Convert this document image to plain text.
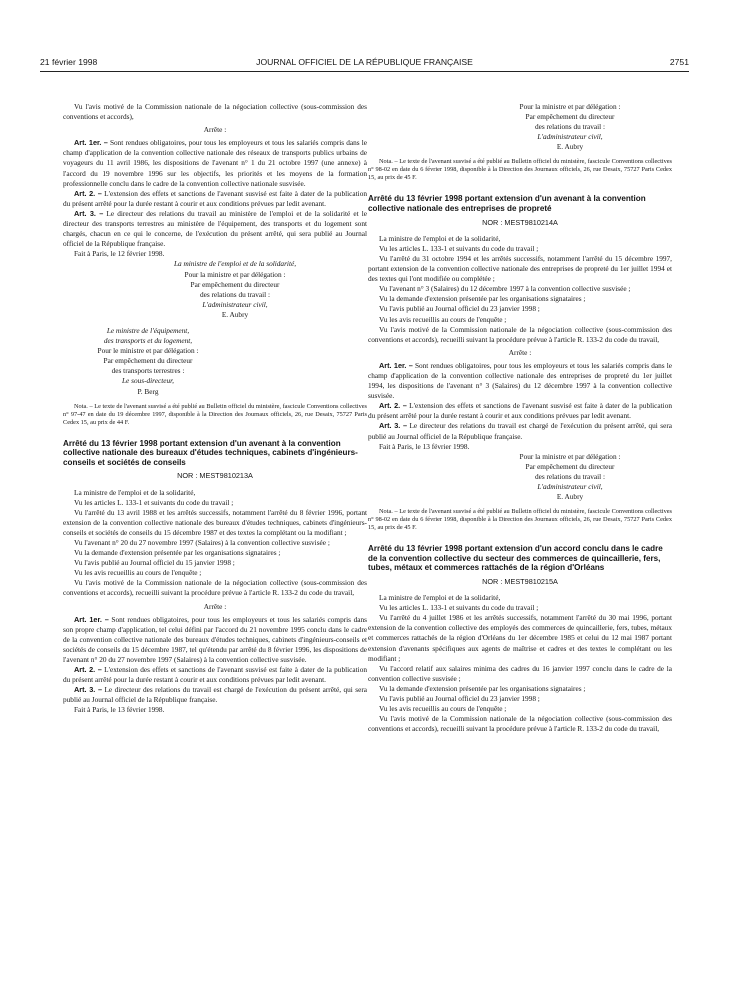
21 février 1998	JOURNAL OFFICIEL DE LA RÉPUBLIQUE FRANÇAISE	2751

Vu l'avis motivé de la Commission nationale de la négociation collective (sous-commission des conventions et accords),

Arrête :

Art. 1er. – Sont rendues obligatoires, pour tous les employeurs et tous les salariés compris dans le champ d'application de la convention collective nationale des réseaux de transports publics urbains de voyageurs du 11 avril 1986, les dispositions de l'avenant n° 1 du 21 octobre 1997 (une annexe) à l'accord du 19 novembre 1996 sur les objectifs, les priorités et les moyens de la formation professionnelle conclu dans le cadre de la convention collective nationale susvisée.

Art. 2. – L'extension des effets et sanctions de l'avenant susvisé est faite à dater de la publication du présent arrêté pour la durée restant à courir et aux conditions prévues par ledit avenant.

Art. 3. – Le directeur des relations du travail au ministère de l'emploi et de la solidarité et le directeur des transports terrestres au ministère de l'équipement, des transports et du logement sont chargés, chacun en ce qui le concerne, de l'exécution du présent arrêté, qui sera publié au Journal officiel de la République française.

Fait à Paris, le 12 février 1998.

La ministre de l'emploi et de la solidarité,

Pour la ministre et par délégation :

Par empêchement du directeur

des relations du travail :

L'administrateur civil,

E. Aubry

Le ministre de l'équipement,

des transports et du logement,

Pour le ministre et par délégation :

Par empêchement du directeur

des transports terrestres :

Le sous-directeur,

P. Berg

Nota. – Le texte de l'avenant susvisé a été publié au Bulletin officiel du ministère, fascicule Conventions collectives n° 97-47 en date du 19 décembre 1997, disponible à la Direction des Journaux officiels, 26, rue Desaix, 75727 Paris Cedex 15, au prix de 44 F.

Arrêté du 13 février 1998 portant extension d'un avenant à la convention collective nationale des bureaux d'études techniques, cabinets d'ingénieurs-conseils et sociétés de conseils

NOR : MEST9810213A

La ministre de l'emploi et de la solidarité,

Vu les articles L. 133-1 et suivants du code du travail ;

Vu l'arrêté du 13 avril 1988 et les arrêtés successifs, notamment l'arrêté du 8 février 1996, portant extension de la convention collective nationale des bureaux d'études techniques, cabinets d'ingénieurs-conseils et sociétés de conseils du 15 décembre 1987 et des textes la complétant ou la modifiant ;

Vu l'avenant n° 20 du 27 novembre 1997 (Salaires) à la convention collective susvisée ;

Vu la demande d'extension présentée par les organisations signataires ;

Vu l'avis publié au Journal officiel du 15 janvier 1998 ;

Vu les avis recueillis au cours de l'enquête ;

Vu l'avis motivé de la Commission nationale de la négociation collective (sous-commission des conventions et accords), recueilli suivant la procédure prévue à l'article R. 133-2 du code du travail,

Arrête :

Art. 1er. – Sont rendues obligatoires, pour tous les employeurs et tous les salariés compris dans son propre champ d'application, tel celui défini par l'accord du 21 novembre 1995 conclu dans le cadre de la convention collective nationale des bureaux d'études techniques, cabinets d'ingénieurs-conseils et sociétés de conseils du 15 décembre 1987, tel qu'étendu par arrêté du 8 février 1996, les dispositions de l'avenant n° 20 du 27 novembre 1997 (Salaires) à la convention collective susvisée.

Art. 2. – L'extension des effets et sanctions de l'avenant susvisé est faite à dater de la publication du présent arrêté pour la durée restant à courir et aux conditions prévues par ledit avenant.

Art. 3. – Le directeur des relations du travail est chargé de l'exécution du présent arrêté, qui sera publié au Journal officiel de la République française.

Fait à Paris, le 13 février 1998.

Pour la ministre et par délégation :

Par empêchement du directeur

des relations du travail :

L'administrateur civil,

E. Aubry

Nota. – Le texte de l'avenant susvisé a été publié au Bulletin officiel du ministère, fascicule Conventions collectives n° 98-02 en date du 6 février 1998, disponible à la Direction des Journaux officiels, 26, rue Desaix, 75727 Paris Cedex 15, au prix de 45 F.

Arrêté du 13 février 1998 portant extension d'un avenant à la convention collective nationale des entreprises de propreté

NOR : MEST9810214A

La ministre de l'emploi et de la solidarité,

Vu les articles L. 133-1 et suivants du code du travail ;

Vu l'arrêté du 31 octobre 1994 et les arrêtés successifs, notamment l'arrêté du 15 décembre 1997, portant extension de la convention collective nationale des entreprises de propreté du 1er juillet 1994 et des textes qui l'ont modifiée ou complétée ;

Vu l'avenant n° 3 (Salaires) du 12 décembre 1997 à la convention collective susvisée ;

Vu la demande d'extension présentée par les organisations signataires ;

Vu l'avis publié au Journal officiel du 23 janvier 1998 ;

Vu les avis recueillis au cours de l'enquête ;

Vu l'avis motivé de la Commission nationale de la négociation collective (sous-commission des conventions et accords), recueilli suivant la procédure prévue à l'article R. 133-2 du code du travail,

Arrête :

Art. 1er. – Sont rendues obligatoires, pour tous les employeurs et tous les salariés compris dans le champ d'application de la convention collective nationale des entreprises de propreté du 1er juillet 1994, les dispositions de l'avenant n° 3 (Salaires) du 12 décembre 1997 à la convention collective susvisée.

Art. 2. – L'extension des effets et sanctions de l'avenant susvisé est faite à dater de la publication du présent arrêté pour la durée restant à courir et aux conditions prévues par ledit avenant.

Art. 3. – Le directeur des relations du travail est chargé de l'exécution du présent arrêté, qui sera publié au Journal officiel de la République française.

Fait à Paris, le 13 février 1998.

Pour la ministre et par délégation :

Par empêchement du directeur

des relations du travail :

L'administrateur civil,

E. Aubry

Nota. – Le texte de l'avenant susvisé a été publié au Bulletin officiel du ministère, fascicule Conventions collectives n° 98-02 en date du 6 février 1998, disponible à la Direction des Journaux officiels, 26, rue Desaix, 75727 Paris Cedex 15, au prix de 45 F.

Arrêté du 13 février 1998 portant extension d'un accord conclu dans le cadre de la convention collective du secteur des commerces de quincaillerie, fers, tubes, métaux et commerces rattachés de la région d'Orléans

NOR : MEST9810215A

La ministre de l'emploi et de la solidarité,

Vu les articles L. 133-1 et suivants du code du travail ;

Vu l'arrêté du 4 juillet 1986 et les arrêtés successifs, notamment l'arrêté du 30 mai 1996, portant extension de la convention collective des employés des commerces de quincaillerie, fers, tubes, métaux et commerces rattachés de la région d'Orléans du 1er décembre 1985 et celui du 12 mai 1987 portant extension d'avenants spécifiques aux agents de maîtrise et cadres et des textes le complétant ou les modifiant ;

Vu l'accord relatif aux salaires minima des cadres du 16 janvier 1997 conclu dans le cadre de la convention collective susvisée ;

Vu la demande d'extension présentée par les organisations signataires ;

Vu l'avis publié au Journal officiel du 23 janvier 1998 ;

Vu les avis recueillis au cours de l'enquête ;

Vu l'avis motivé de la Commission nationale de la négociation collective (sous-commission des conventions et accords), recueilli suivant la procédure prévue à l'article R. 133-2 du code du travail,
